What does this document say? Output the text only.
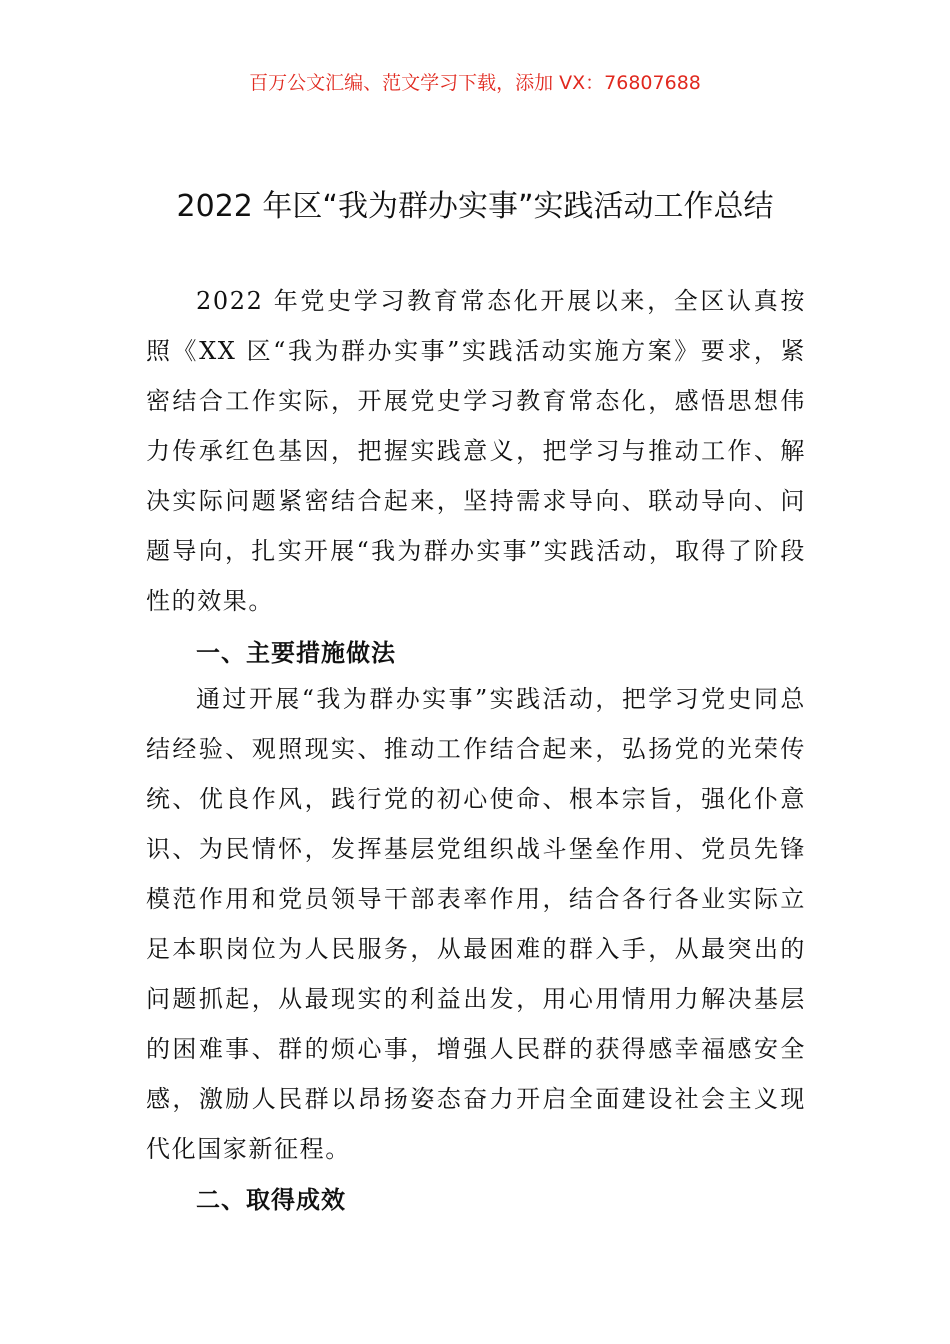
百万公文汇编、范文学习下载，添加 VX：76807688
2022 年区“我为群办实事”实践活动工作总结

2022 年党史学习教育常态化开展以来，全区认真按照《XX 区“我为群办实事”实践活动实施方案》要求，紧密结合工作实际，开展党史学习教育常态化，感悟思想伟力传承红色基因，把握实践意义，把学习与推动工作、解决实际问题紧密结合起来，坚持需求导向、联动导向、问题导向，扎实开展“我为群办实事”实践活动，取得了阶段性的效果。

一、主要措施做法

通过开展“我为群办实事”实践活动，把学习党史同总结经验、观照现实、推动工作结合起来，弘扬党的光荣传统、优良作风，践行党的初心使命、根本宗旨，强化仆意识、为民情怀，发挥基层党组织战斗堡垒作用、党员先锋模范作用和党员领导干部表率作用，结合各行各业实际立足本职岗位为人民服务，从最困难的群入手，从最突出的问题抓起，从最现实的利益出发，用心用情用力解决基层的困难事、群的烦心事，增强人民群的获得感幸福感安全感，激励人民群以昂扬姿态奋力开启全面建设社会主义现代化国家新征程。

二、取得成效
